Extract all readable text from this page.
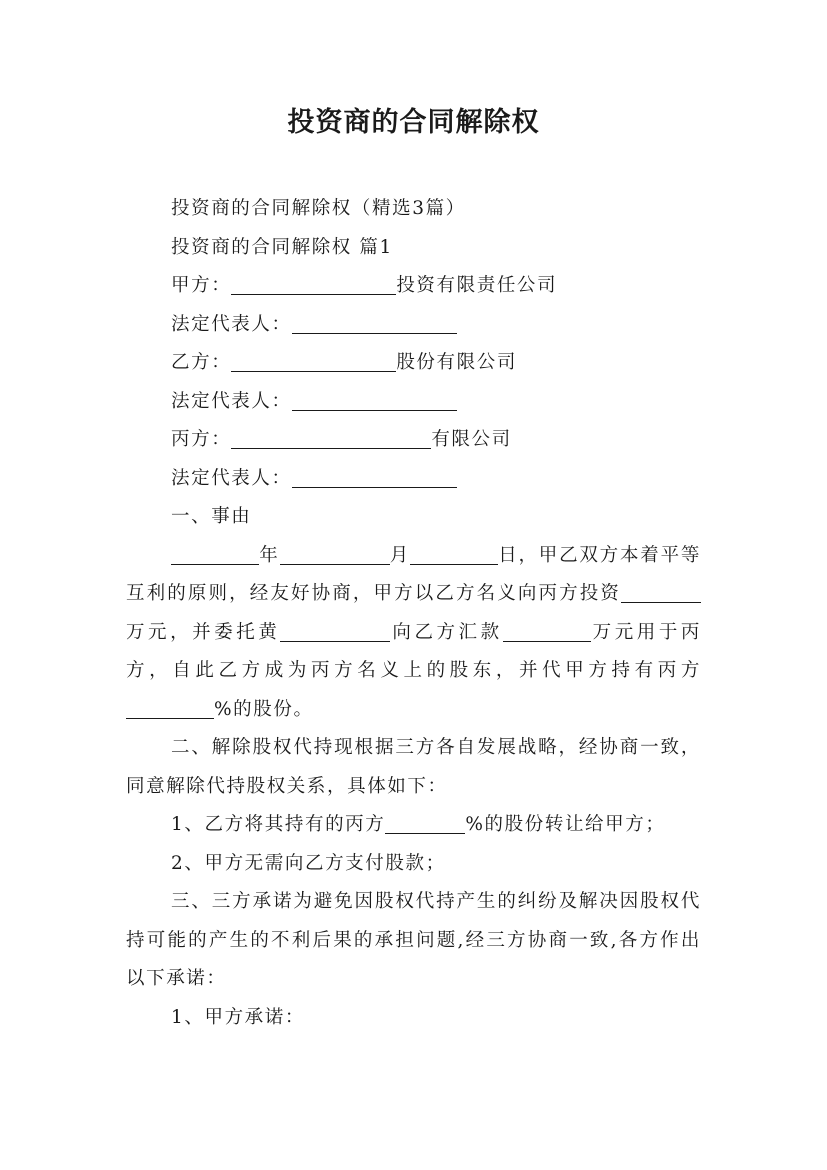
投资商的合同解除权
投资商的合同解除权（精选3篇）
投资商的合同解除权 篇1
甲方：	投资有限责任公司
法定代表人：
乙方：	股份有限公司
法定代表人：
丙方：	有限公司
法定代表人：
一、事由
年	月	日，甲乙双方本着平等互利的原则，经友好协商，甲方以乙方名义向丙方投资万元，并委托黄	向乙方汇款	万元用于丙方，自此乙方成为丙方名义上的股东，并代甲方持有丙方%的股份。
二、解除股权代持现根据三方各自发展战略，经协商一致，同意解除代持股权关系，具体如下：
1、乙方将其持有的丙方	%的股份转让给甲方；
2、甲方无需向乙方支付股款；
三、三方承诺为避免因股权代持产生的纠纷及解决因股权代持可能的产生的不利后果的承担问题,经三方协商一致,各方作出以下承诺：
1、甲方承诺：
